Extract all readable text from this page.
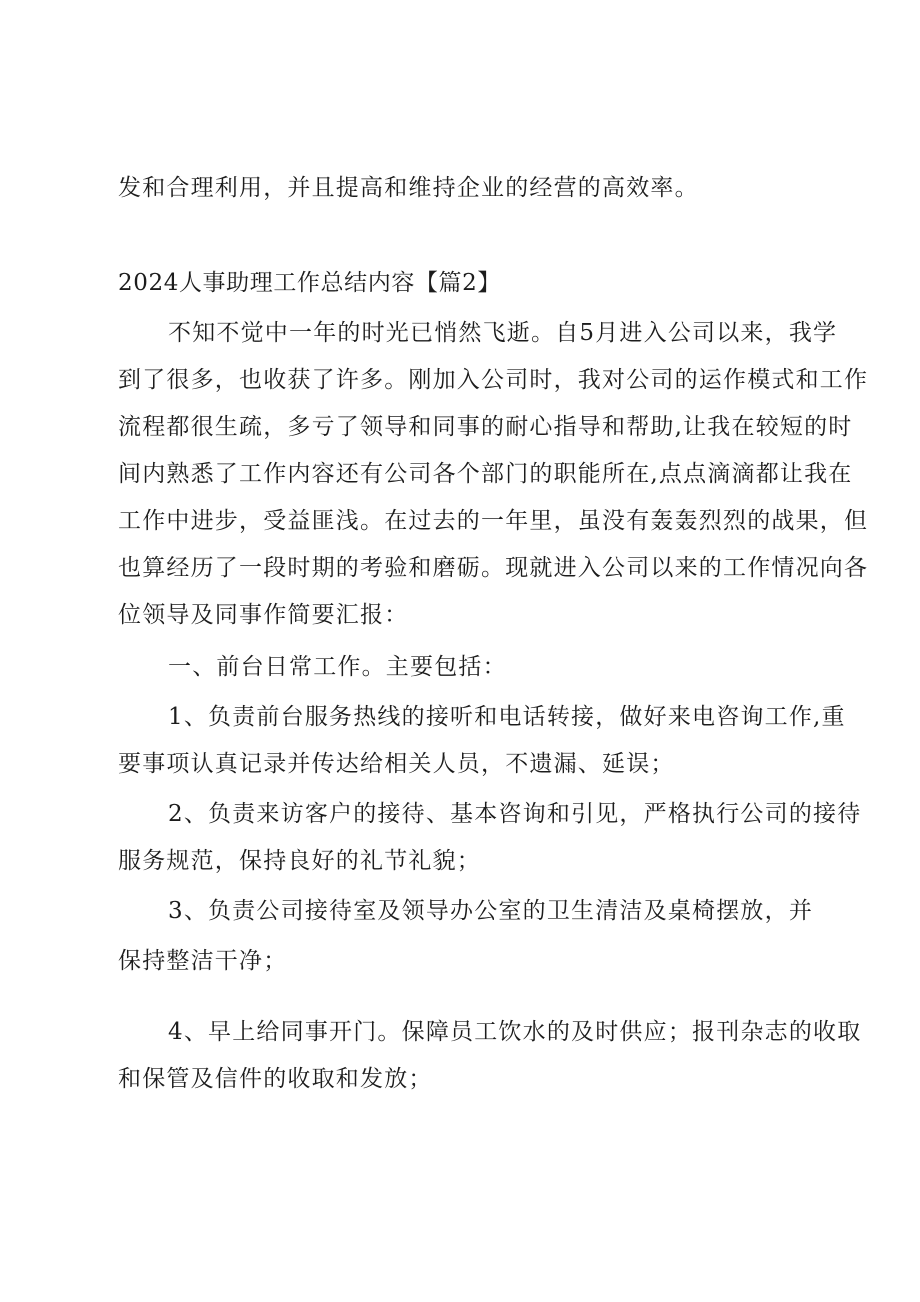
发和合理利用，并且提高和维持企业的经营的高效率。
2024人事助理工作总结内容【篇2】
不知不觉中一年的时光已悄然飞逝。自5月进入公司以来，我学
到了很多，也收获了许多。刚加入公司时，我对公司的运作模式和工作
流程都很生疏，多亏了领导和同事的耐心指导和帮助,让我在较短的时
间内熟悉了工作内容还有公司各个部门的职能所在,点点滴滴都让我在
工作中进步，受益匪浅。在过去的一年里，虽没有轰轰烈烈的战果，但
也算经历了一段时期的考验和磨砺。现就进入公司以来的工作情况向各
位领导及同事作简要汇报：
一、前台日常工作。主要包括：
1、负责前台服务热线的接听和电话转接，做好来电咨询工作,重
要事项认真记录并传达给相关人员，不遗漏、延误；
2、负责来访客户的接待、基本咨询和引见，严格执行公司的接待
服务规范，保持良好的礼节礼貌；
3、负责公司接待室及领导办公室的卫生清洁及桌椅摆放，并
保持整洁干净；
4、早上给同事开门。保障员工饮水的及时供应；报刊杂志的收取
和保管及信件的收取和发放；
